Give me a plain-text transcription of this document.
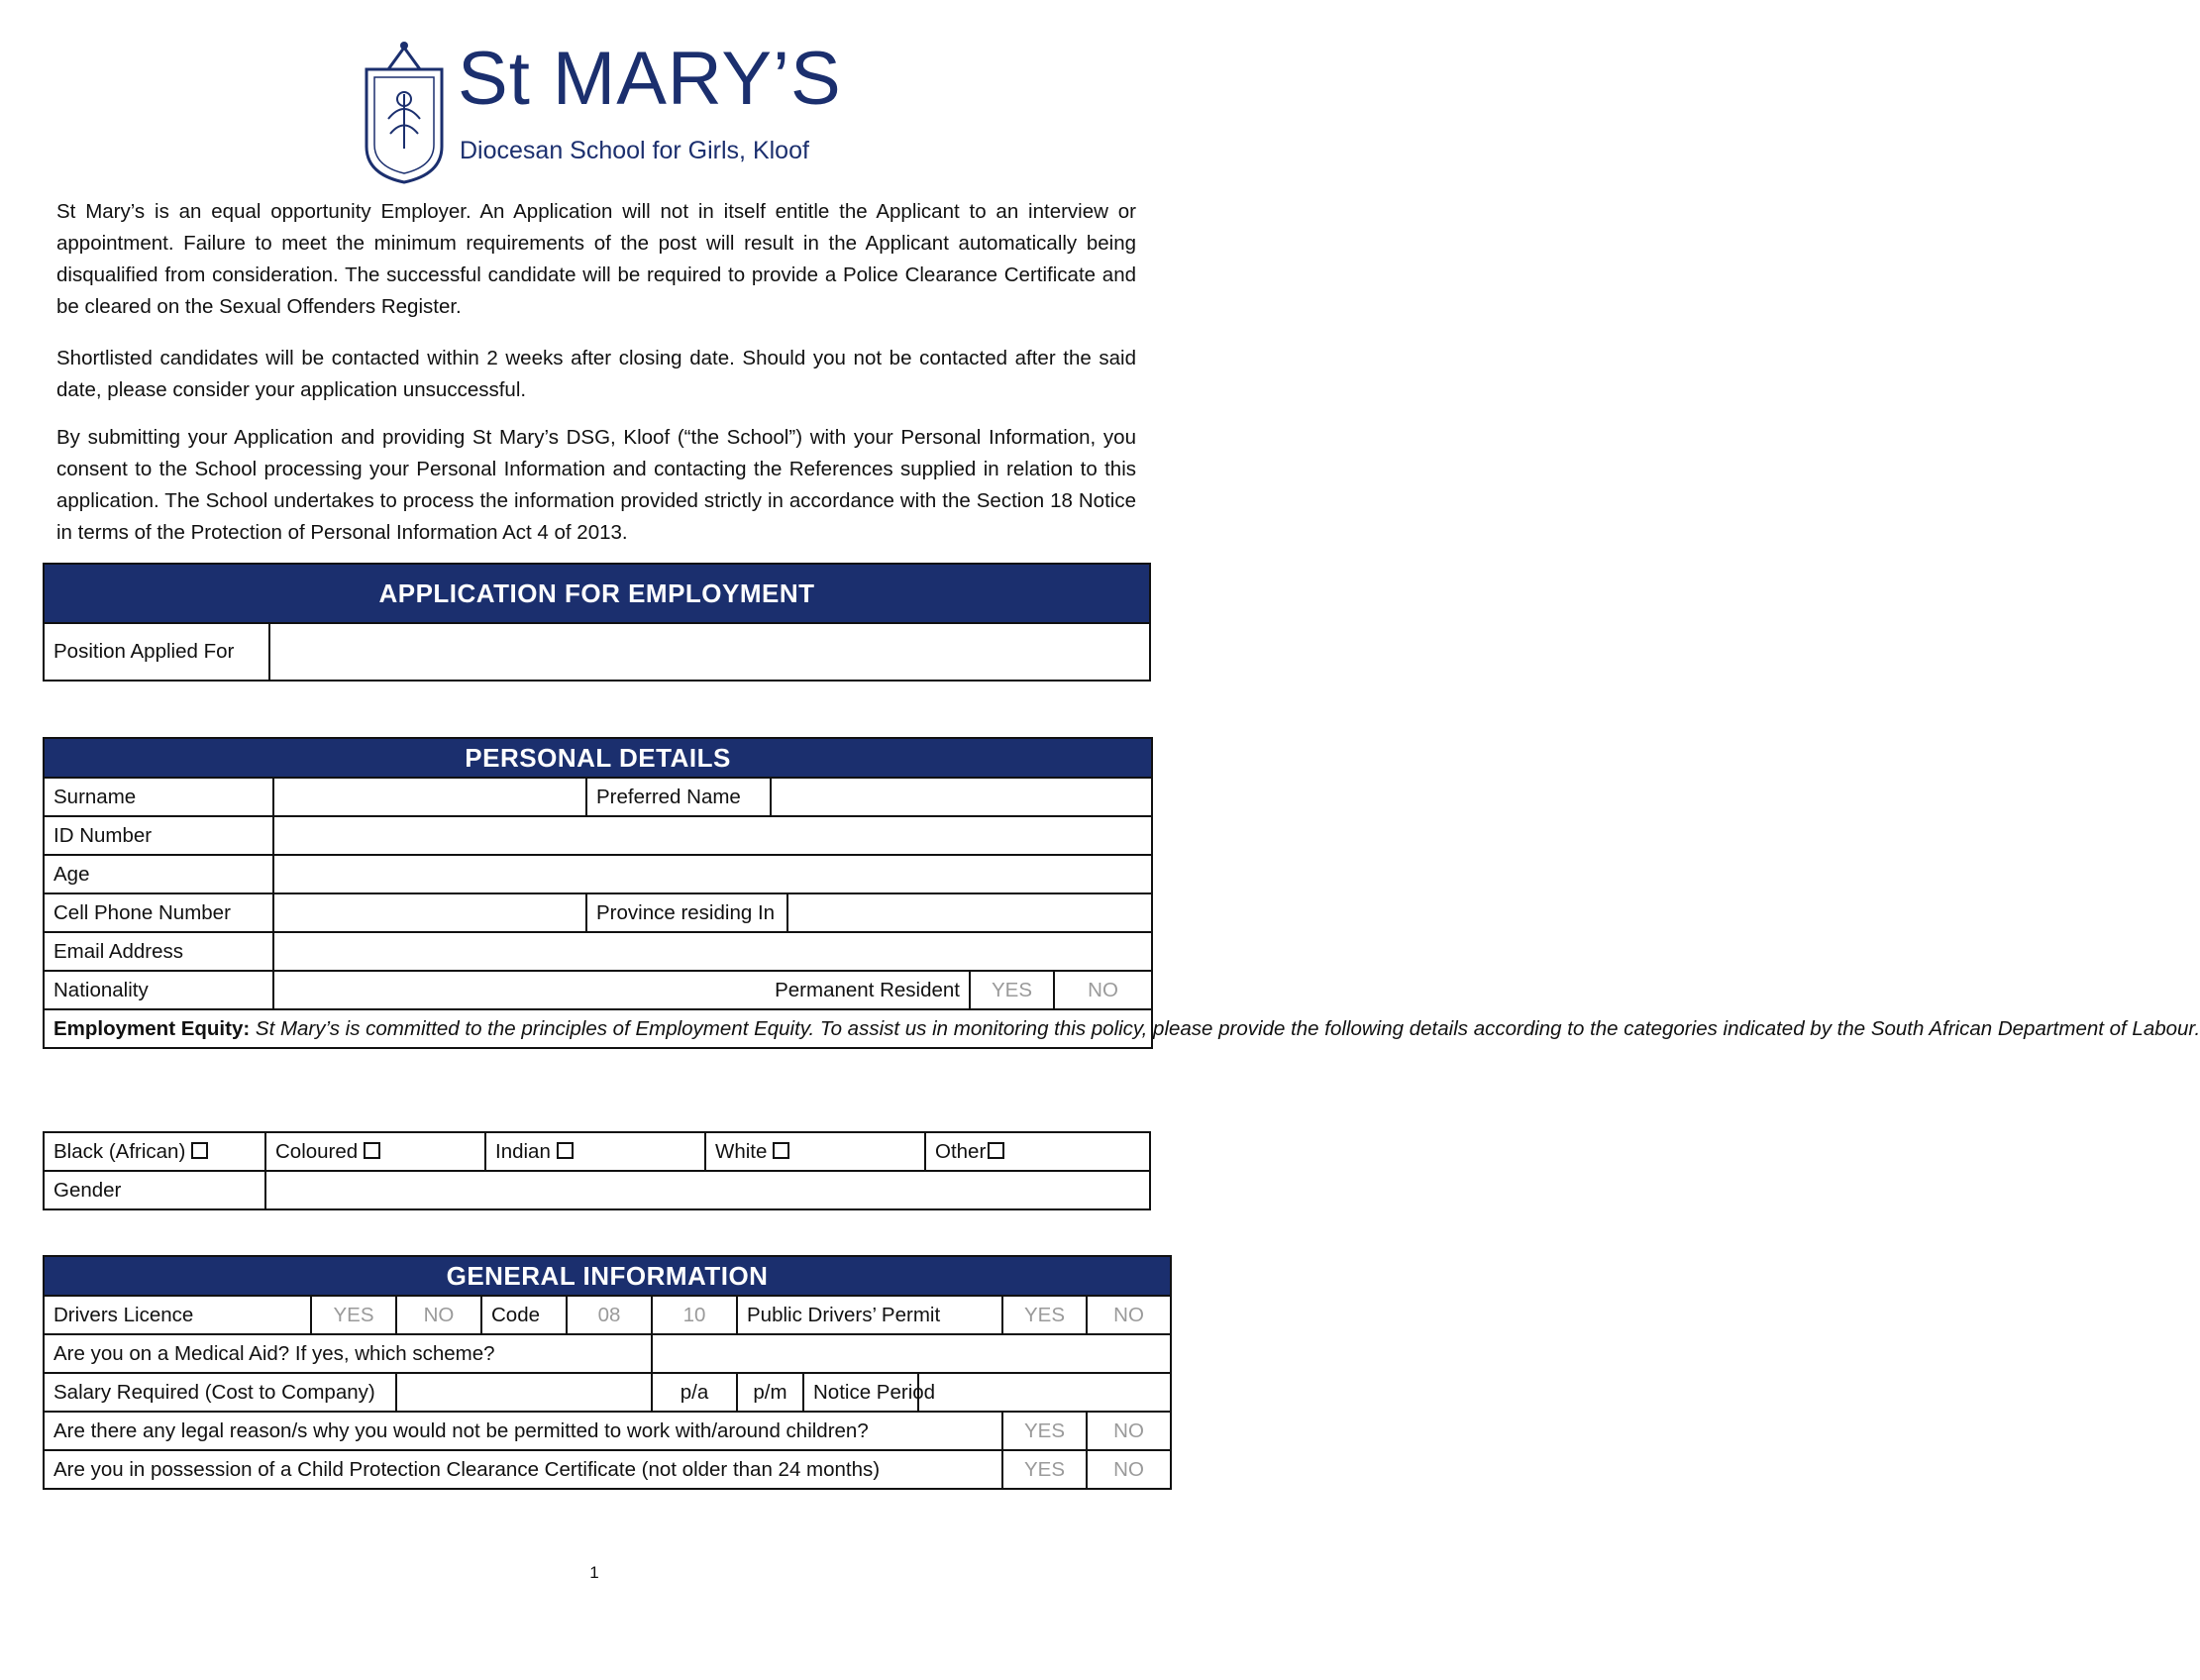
St MARY’S
Diocesan School for Girls, Kloof
St Mary’s is an equal opportunity Employer. An Application will not in itself entitle the Applicant to an interview or appointment. Failure to meet the minimum requirements of the post will result in the Applicant automatically being disqualified from consideration. The successful candidate will be required to provide a Police Clearance Certificate and be cleared on the Sexual Offenders Register.
Shortlisted candidates will be contacted within 2 weeks after closing date. Should you not be contacted after the said date, please consider your application unsuccessful.
By submitting your Application and providing St Mary’s DSG, Kloof (“the School”) with your Personal Information, you consent to the School processing your Personal Information and contacting the References supplied in relation to this application. The School undertakes to process the information provided strictly in accordance with the Section 18 Notice in terms of the Protection of Personal Information Act 4 of 2013.
APPLICATION FOR EMPLOYMENT
Position Applied For	
PERSONAL DETAILS						
Surname		Preferred Name				
ID Number						
Age						
Cell Phone Number		Province residing In				
Email Address						
Nationality	Permanent Resident				YES	NO
Employment Equity: St Mary’s is committed to the principles of Employment Equity. To assist us in monitoring this policy, please provide the following details according to the categories indicated by the South African Department of Labour.						
Black (African)	Coloured	Indian	White	Other
Gender				
GENERAL INFORMATION										
Drivers Licence	YES	NO	Code	08	10	Public Drivers’ Permit			YES	NO
Are you on a Medical Aid? If yes, which scheme?										
Salary Required (Cost to Company)					p/a	p/m	Notice Period			
Are there any legal reason/s why you would not be permitted to work with/around children?									YES	NO
Are you in possession of a Child Protection Clearance Certificate (not older than 24 months)									YES	NO
1
